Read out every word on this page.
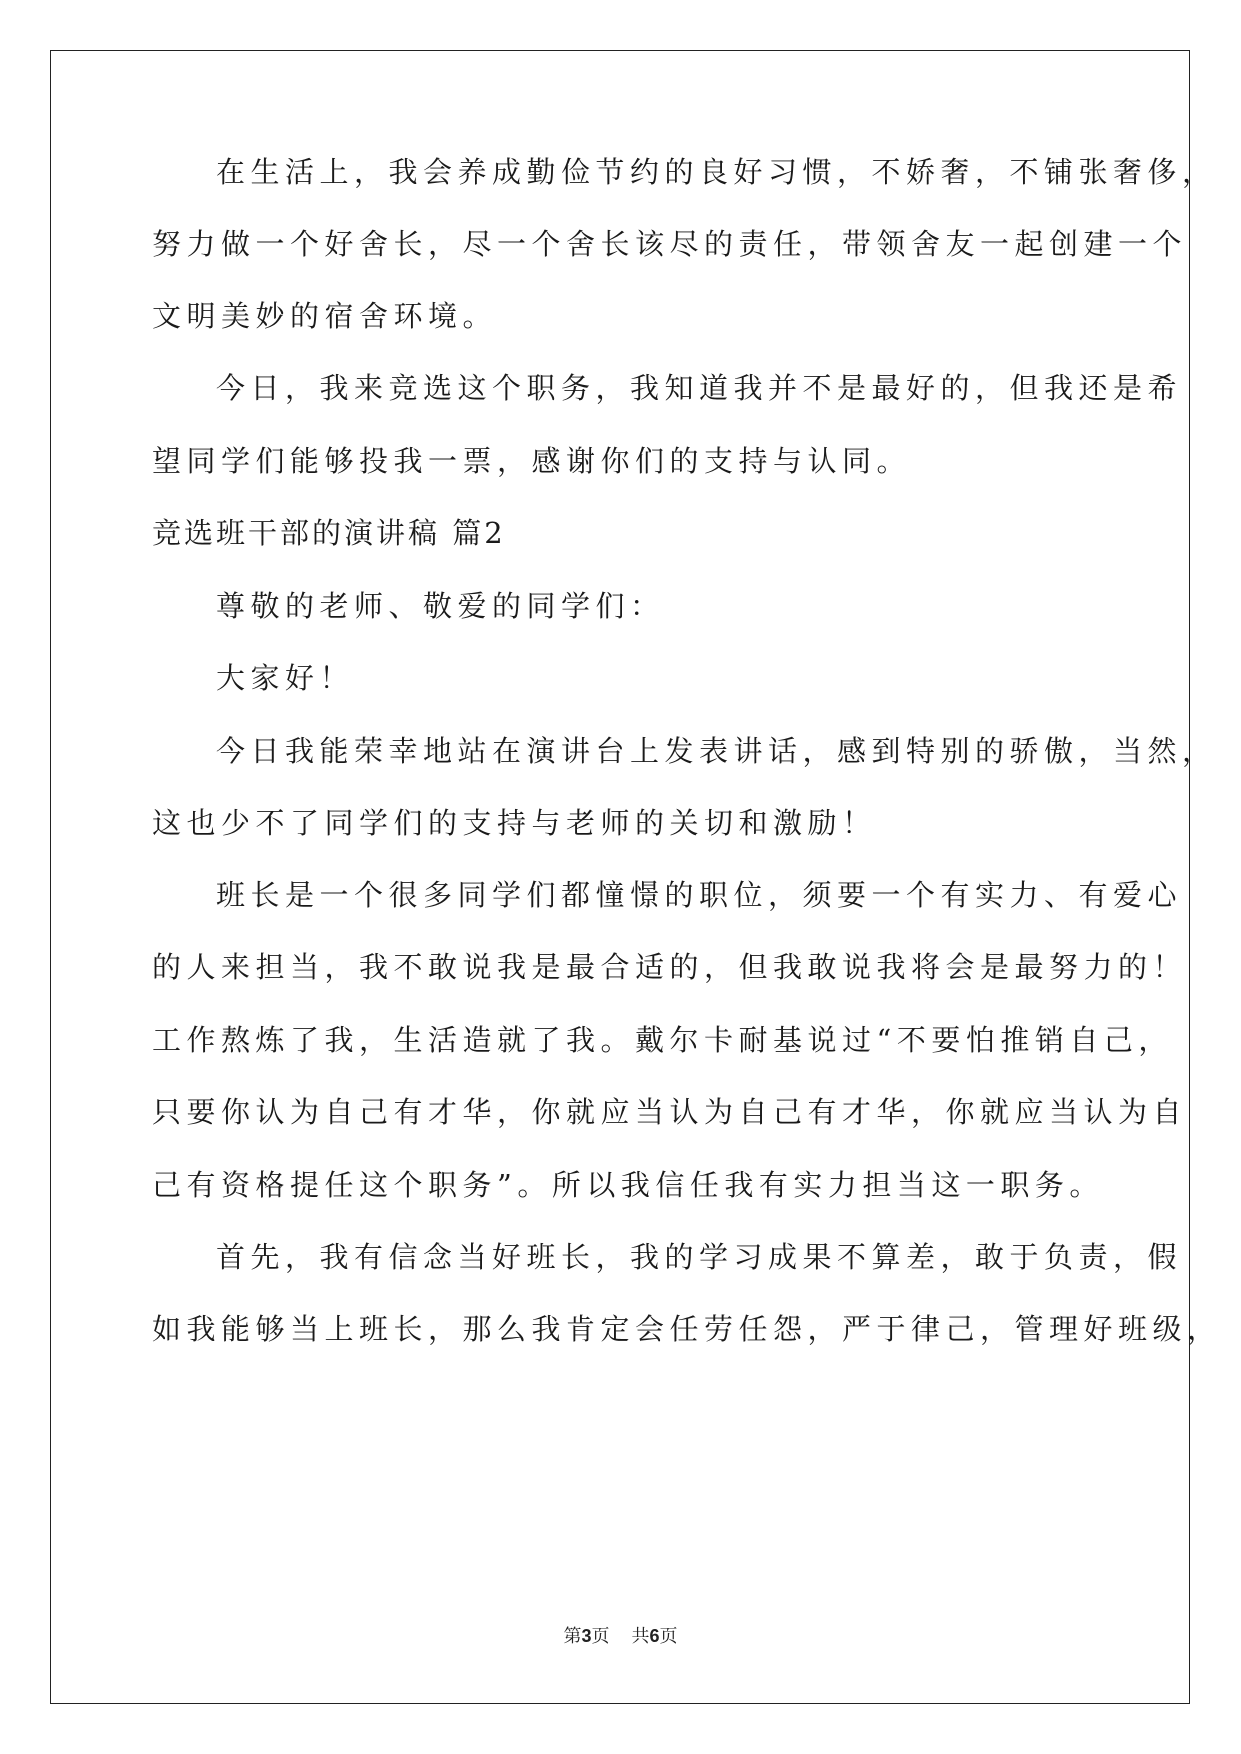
在生活上，我会养成勤俭节约的良好习惯，不娇奢，不铺张奢侈，
努力做一个好舍长，尽一个舍长该尽的责任，带领舍友一起创建一个
文明美妙的宿舍环境。
今日，我来竞选这个职务，我知道我并不是最好的，但我还是希
望同学们能够投我一票，感谢你们的支持与认同。
竞选班干部的演讲稿 篇2
尊敬的老师、敬爱的同学们：
大家好！
今日我能荣幸地站在演讲台上发表讲话，感到特别的骄傲，当然，
这也少不了同学们的支持与老师的关切和激励！
班长是一个很多同学们都憧憬的职位，须要一个有实力、有爱心
的人来担当，我不敢说我是最合适的，但我敢说我将会是最努力的！
工作熬炼了我，生活造就了我。戴尔卡耐基说过“不要怕推销自己，
只要你认为自己有才华，你就应当认为自己有才华，你就应当认为自
己有资格提任这个职务”。所以我信任我有实力担当这一职务。
首先，我有信念当好班长，我的学习成果不算差，敢于负责，假
如我能够当上班长，那么我肯定会任劳任怨，严于律己，管理好班级，
第3页 共6页
